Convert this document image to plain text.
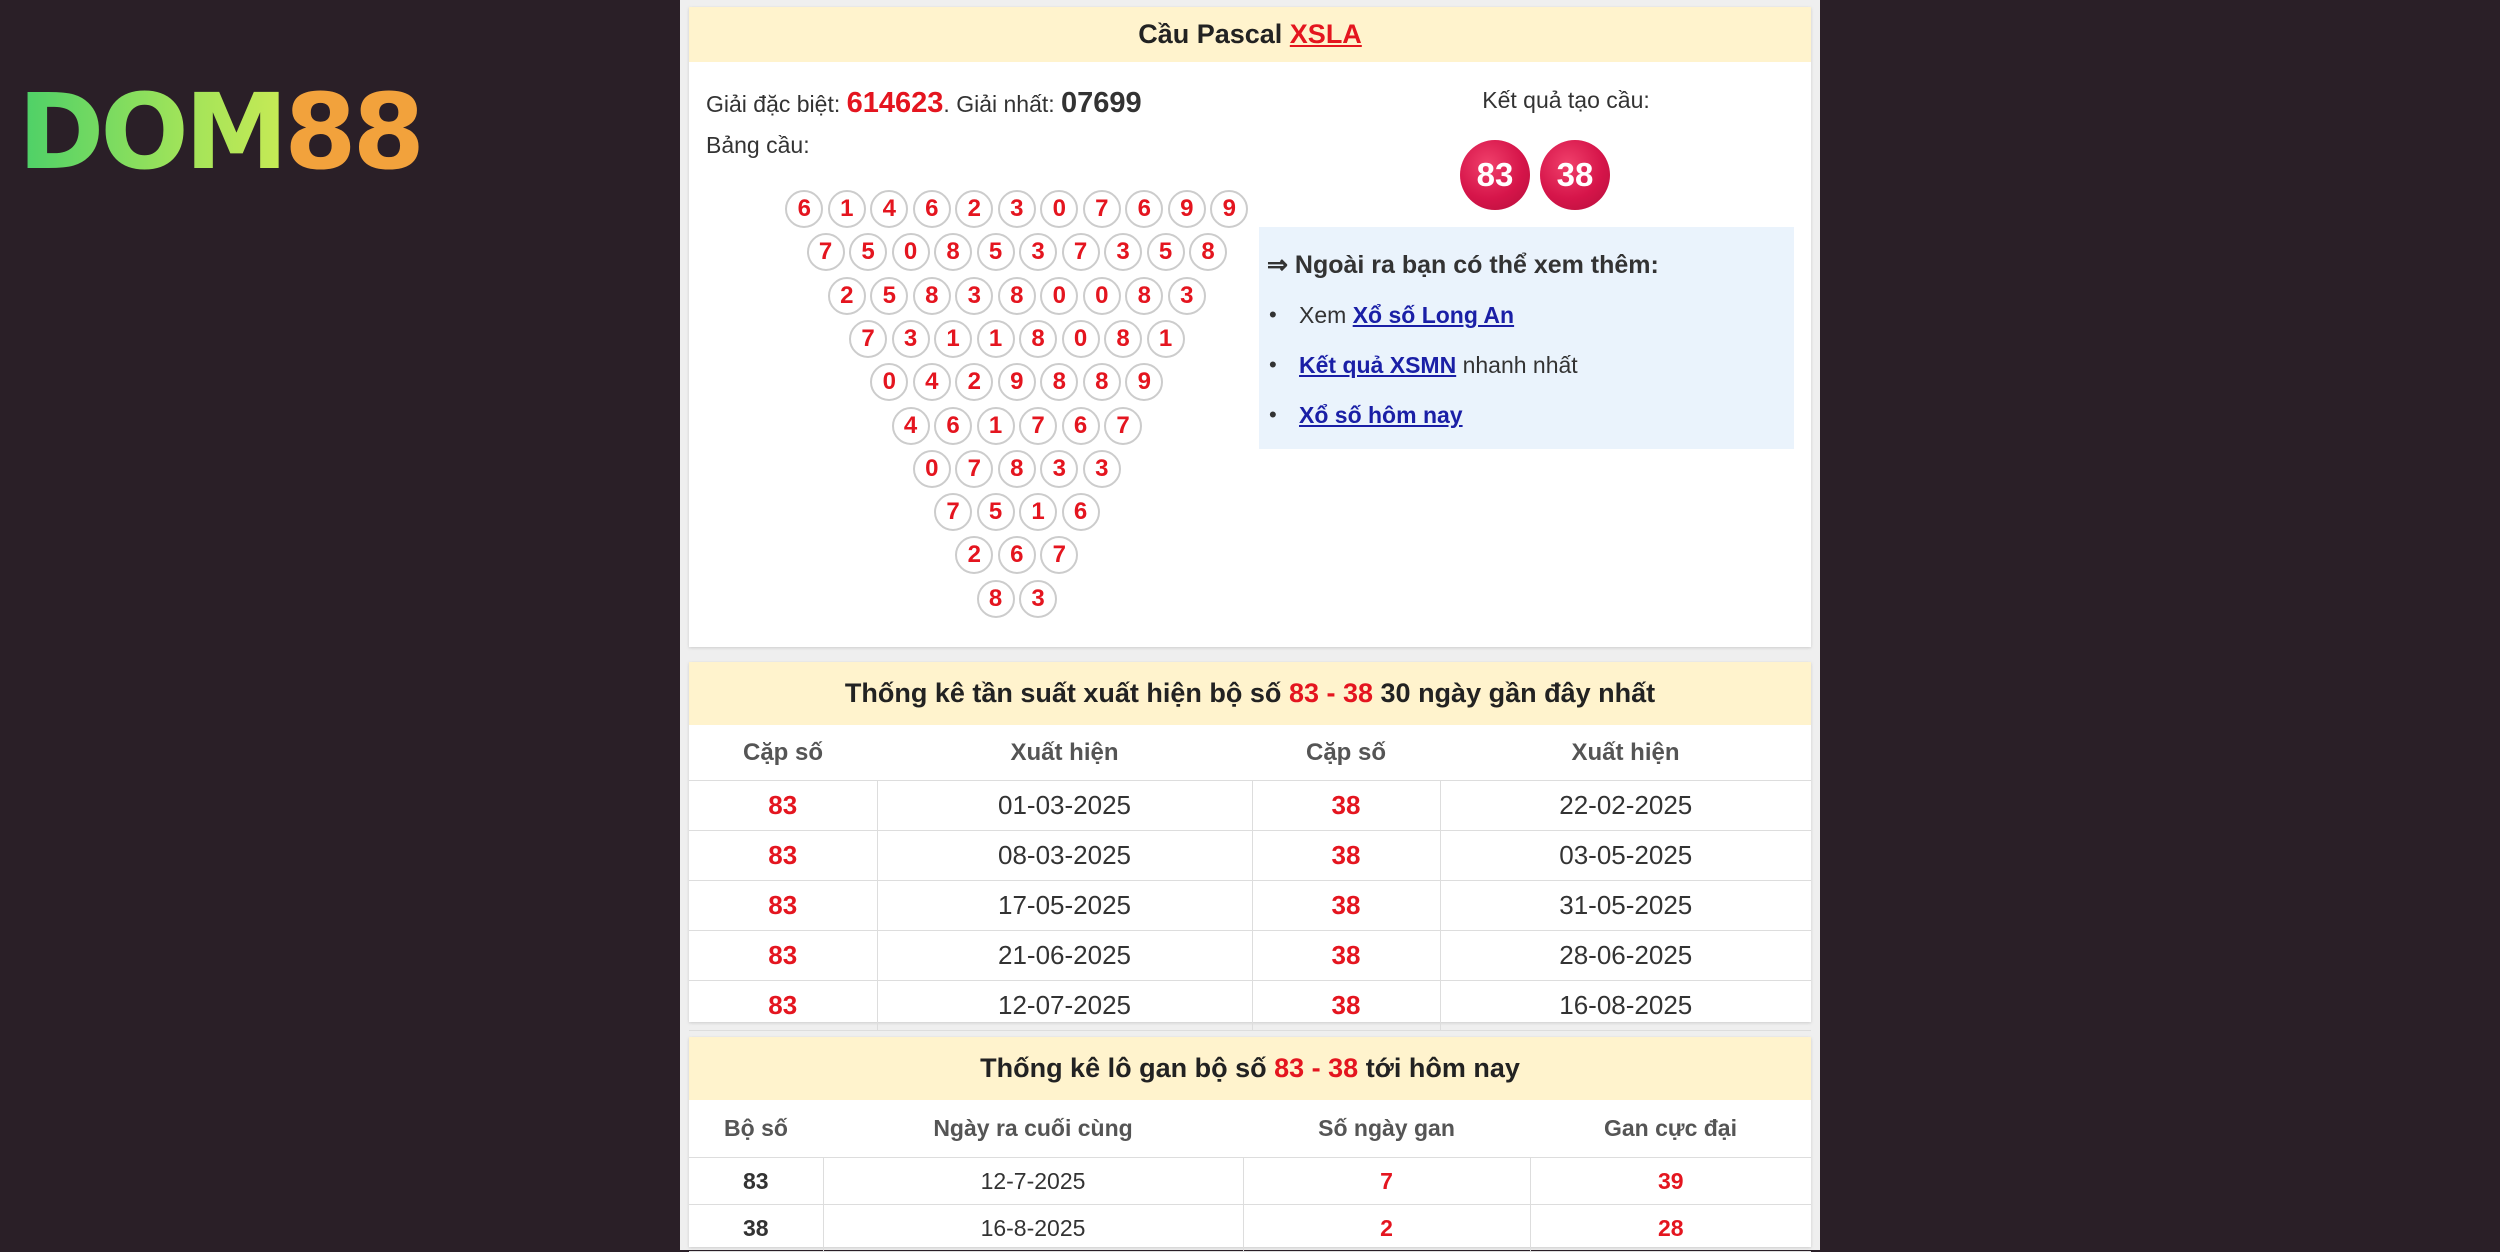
DOM88
Cầu Pascal XSLA
Giải đặc biệt: 614623. Giải nhất: 07699
Bảng cầu:
6	1	4	6	2	3	0	7	6	9	9
7	5	0	8	5	3	7	3	5	8
2	5	8	3	8	0	0	8	3
7	3	1	1	8	0	8	1
0	4	2	9	8	8	9
4	6	1	7	6	7
0	7	8	3	3
7	5	1	6
2	6	7
8	3
Kết quả tạo cầu:
83	38
⇒ Ngoài ra bạn có thể xem thêm:
• Xem Xổ số Long An
• Kết quả XSMN nhanh nhất
• Xổ số hôm nay
Thống kê tần suất xuất hiện bộ số 83 - 38 30 ngày gần đây nhất
Cặp số	Xuất hiện	Cặp số	Xuất hiện
83	01-03-2025	38	22-02-2025
83	08-03-2025	38	03-05-2025
83	17-05-2025	38	31-05-2025
83	21-06-2025	38	28-06-2025
83	12-07-2025	38	16-08-2025
Thống kê lô gan bộ số 83 - 38 tới hôm nay
Bộ số	Ngày ra cuối cùng	Số ngày gan	Gan cực đại
83	12-7-2025	7	39
38	16-8-2025	2	28
